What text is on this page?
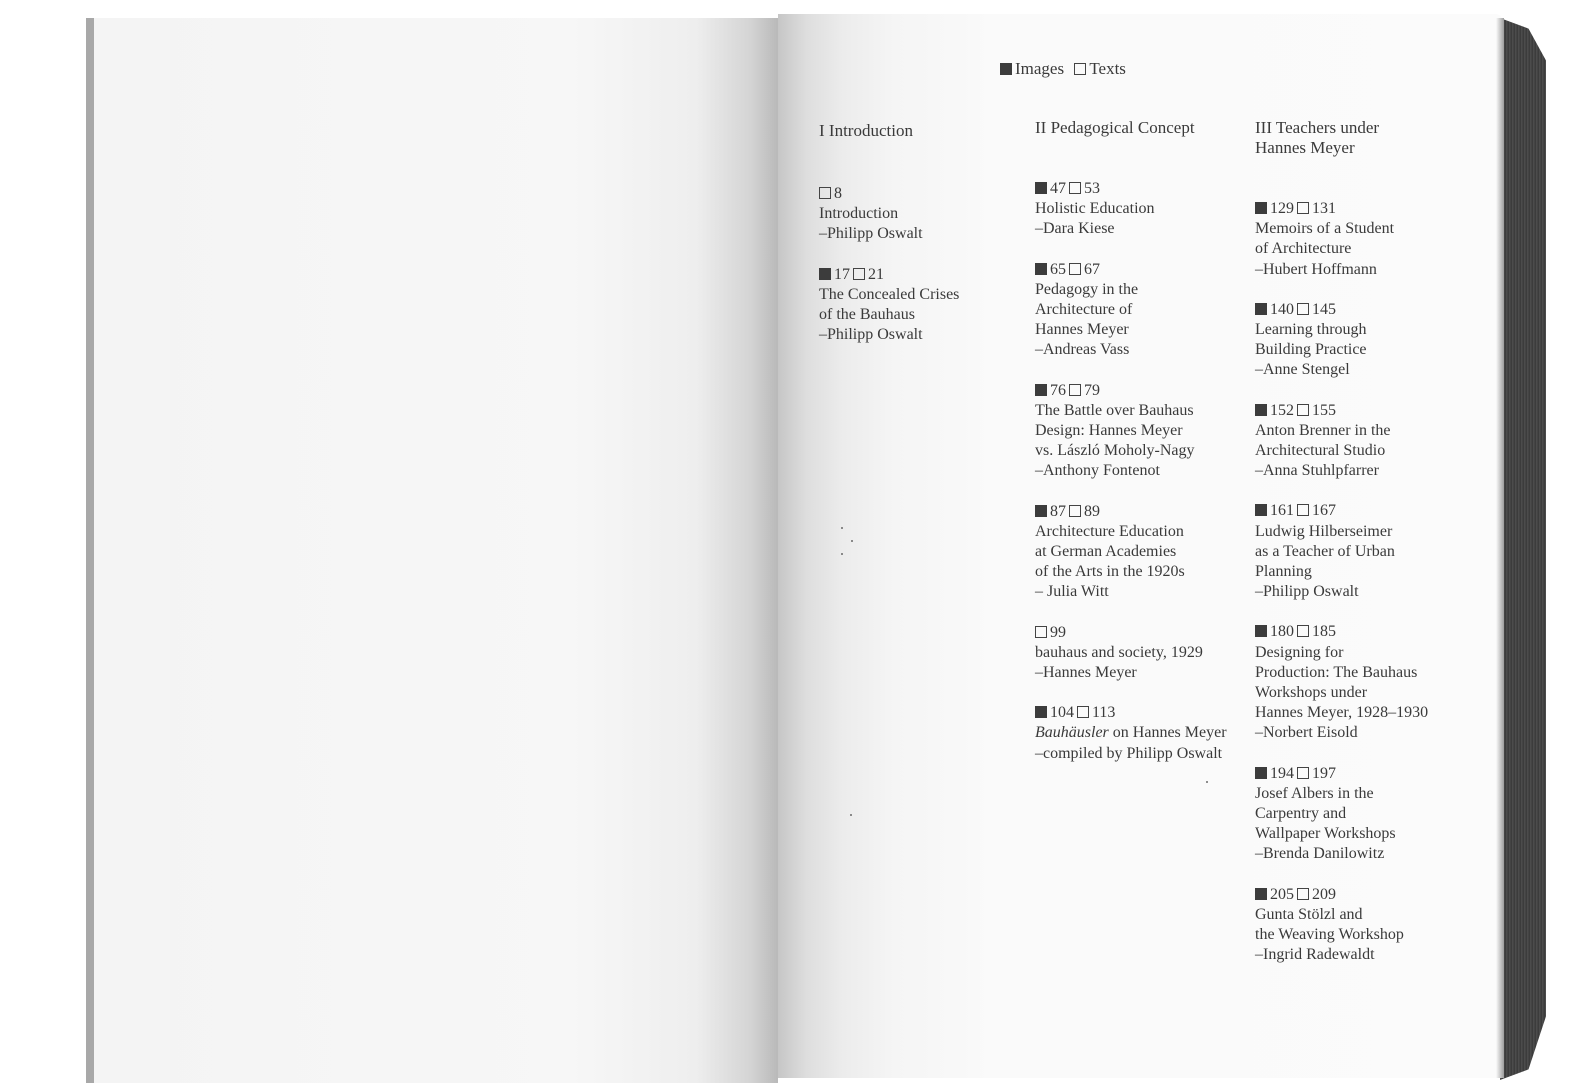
Images Texts
I Introduction
8
Introduction
–Philipp Oswalt
17 21
The Concealed Crises
of the Bauhaus
–Philipp Oswalt
II Pedagogical Concept
47 53
Holistic Education
–Dara Kiese
65 67
Pedagogy in the
Architecture of
Hannes Meyer
–Andreas Vass
76 79
The Battle over Bauhaus
Design: Hannes Meyer
vs. László Moholy-Nagy
–Anthony Fontenot
87 89
Architecture Education
at German Academies
of the Arts in the 1920s
– Julia Witt
99
bauhaus and society, 1929
–Hannes Meyer
104 113
Bauhäusler on Hannes Meyer
–compiled by Philipp Oswalt
III Teachers under
Hannes Meyer
129 131
Memoirs of a Student
of Architecture
–Hubert Hoffmann
140 145
Learning through
Building Practice
–Anne Stengel
152 155
Anton Brenner in the
Architectural Studio
–Anna Stuhlpfarrer
161 167
Ludwig Hilberseimer
as a Teacher of Urban
Planning
–Philipp Oswalt
180 185
Designing for
Production: The Bauhaus
Workshops under
Hannes Meyer, 1928–1930
–Norbert Eisold
194 197
Josef Albers in the
Carpentry and
Wallpaper Workshops
–Brenda Danilowitz
205 209
Gunta Stölzl and
the Weaving Workshop
–Ingrid Radewaldt
